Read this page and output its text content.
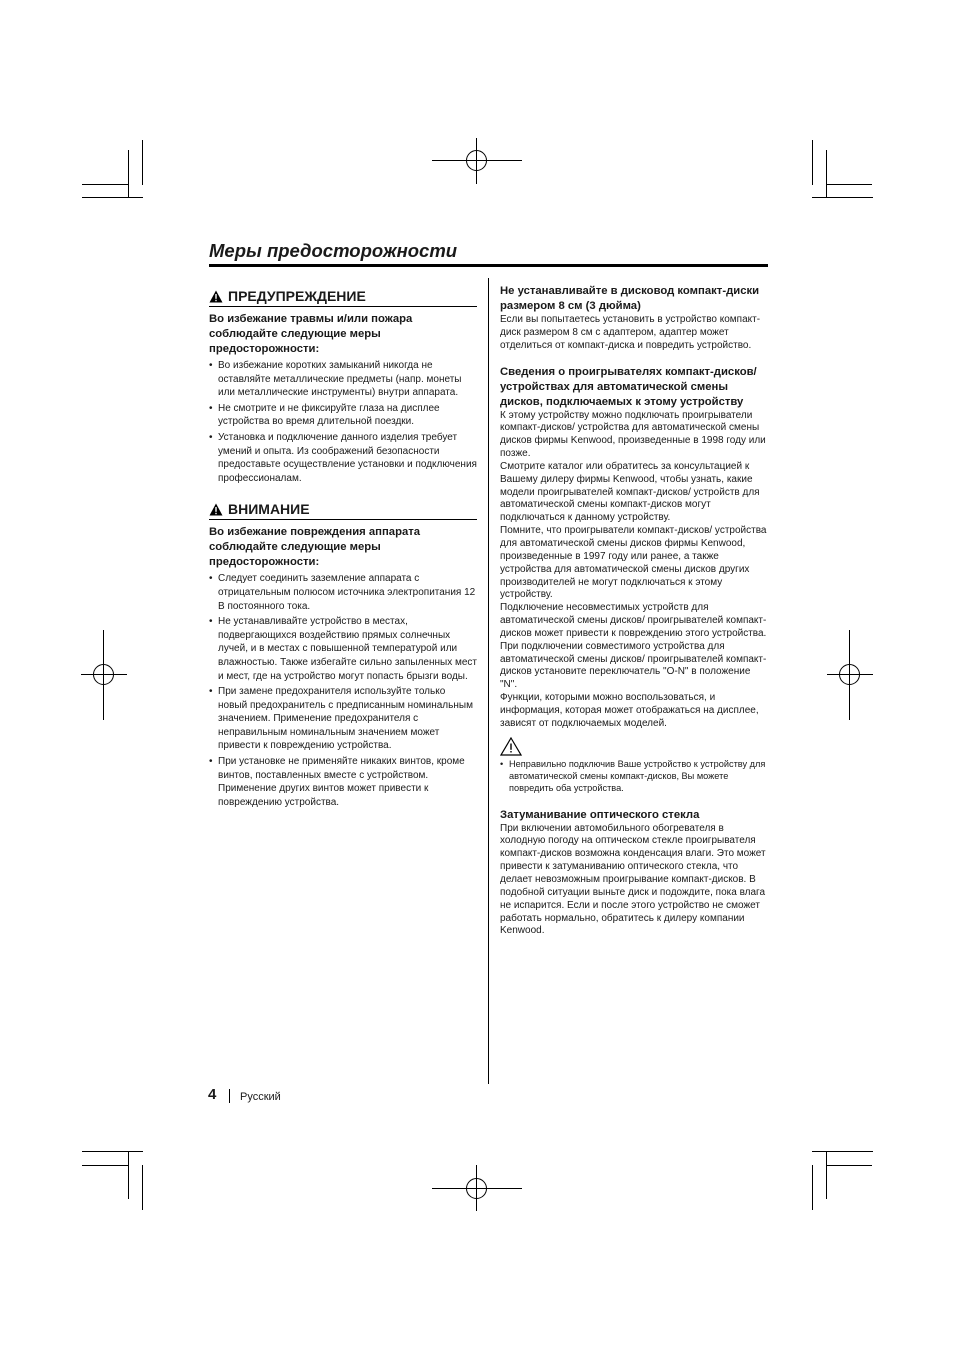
Меры предосторожности
ПРЕДУПРЕЖДЕНИЕ
Во избежание травмы и/или пожара соблюдайте следующие меры предосторожности:
• Во избежание коротких замыканий никогда не оставляйте металлические предметы (напр. монеты или металлические инструменты) внутри аппарата.
• Не смотрите и не фиксируйте глаза на дисплее устройства во время длительной поездки.
• Установка и подключение данного изделия требует умений и опыта. Из соображений безопасности предоставьте осуществление установки и подключения профессионалам.
ВНИМАНИЕ
Во избежание повреждения аппарата соблюдайте следующие меры предосторожности:
• Следует соединить заземление аппарата с отрицательным полюсом источника электропитания 12 В постоянного тока.
• Не устанавливайте устройство в местах, подвергающихся воздействию прямых солнечных лучей, и в местах с повышенной температурой или влажностью. Также избегайте сильно запыленных мест и мест, где на устройство могут попасть брызги воды.
• При замене предохранителя используйте только новый предохранитель с предписанным номинальным значением. Применение предохранителя с неправильным номинальным значением может привести к повреждению устройства.
• При установке не применяйте никаких винтов, кроме винтов, поставленных вместе с устройством. Применение других винтов может привести к повреждению устройства.
Не устанавливайте в дисковод компакт-диски размером 8 см (3 дюйма)
Если вы попытаетесь установить в устройство компакт-диск размером 8 см с адаптером, адаптер может отделиться от компакт-диска и повредить устройство.
Сведения о проигрывателях компакт-дисков/устройствах для автоматической смены дисков, подключаемых к этому устройству

К этому устройству можно подключать проигрыватели компакт-дисков/ устройства для автоматической смены дисков фирмы Kenwood, произведенные в 1998 году или позже.

Смотрите каталог или обратитесь за консультацией к Вашему дилеру фирмы Kenwood, чтобы узнать, какие модели проигрывателей компакт-дисков/ устройств для автоматической смены компакт-дисков могут подключаться к данному устройству.

Помните, что проигрыватели компакт-дисков/ устройства для автоматической смены дисков фирмы Kenwood, произведенные в 1997 году или ранее, а также устройства для автоматической смены дисков других производителей не могут подключаться к этому устройству.

Подключение несовместимых устройств для автоматической смены дисков/ проигрывателей компакт-дисков может привести к повреждению этого устройства.

При подключении совместимого устройства для автоматической смены дисков/ проигрывателей компакт-дисков установите переключатель "O-N" в положение "N".

Функции, которыми можно воспользоваться, и информация, которая может отображаться на дисплее, зависят от подключаемых моделей.

• Неправильно подключив Ваше устройство к устройству для автоматической смены компакт-дисков, Вы можете повредить оба устройства.
Затуманивание оптического стекла
При включении автомобильного обогревателя в холодную погоду на оптическом стекле проигрывателя компакт-дисков возможна конденсация влаги. Это может привести к затуманиванию оптического стекла, что делает невозможным проигрывание компакт-дисков. В подобной ситуации выньте диск и подождите, пока влага не испарится. Если и после этого устройство не сможет работать нормально, обратитесь к дилеру компании Kenwood.
4 Русский
